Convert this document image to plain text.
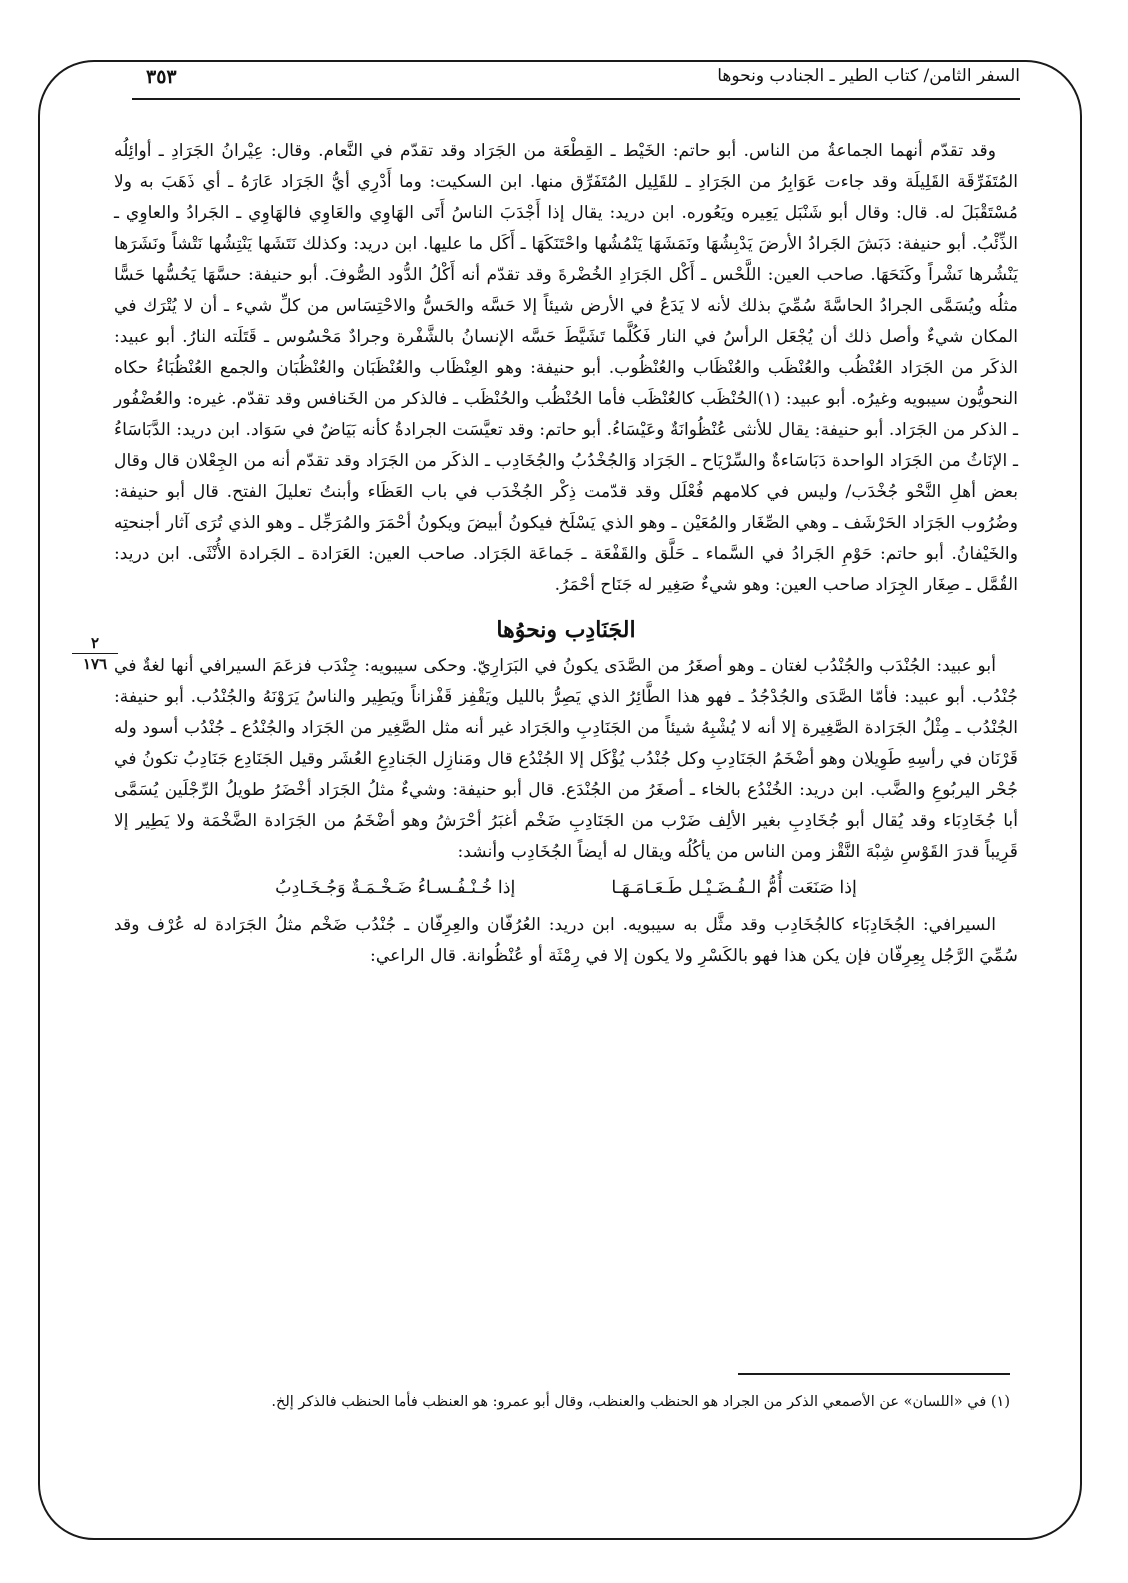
السفر الثامن/ كتاب الطير ـ الجنادب ونحوها
٣٥٣
٢
١٧٦

وقد تقدّم أنهما الجماعةُ من الناس. أبو حاتم: الخَيْط ـ القِطْعَة من الجَرَاد وقد تقدّم في النَّعام. وقال: عِيْرانُ الجَرَادِ ـ أوائِلُه المُتَفَرِّقَة القَلِيلَة وقد جاءت عَوَابِرُ من الجَرَادِ ـ للقَلِيل المُتَفَرِّق منها. ابن السكيت: وما أَدْرِي أيُّ الجَرَاد عَارَهُ ـ أي ذَهَبَ به ولا مُسْتَقْبَلَ له. قال: وقال أبو شَنْبَل يَعِيره ويَعُوره. ابن دريد: يقال إذا أَجْدَبَ الناسُ أَتَى الهَاوِي والعَاوِي فالهَاوِي ـ الجَرادُ والعاوِي ـ الذِّئْبُ. أبو حنيفة: دَبَشَ الجَرادُ الأرضَ يَدْبِشُهَا ونَمَشَهَا يَنْمُشُها واحْتَنَكَهَا ـ أَكَل ما عليها. ابن دريد: وكذلك نَتَشَها يَنْتِشُها نَتْشاً ونَشَرَها يَنْشُرها نَشْراً وكَنَحَهَا. صاحب العين: اللَّحْس ـ أَكْل الجَرَادِ الخُضْرةَ وقد تقدّم أنه أَكْلُ الدُّود الصُّوفَ. أبو حنيفة: حسَّهَا يَحُسُّها حَسًّا مثلُه ويُسَمَّى الجرادُ الحاسَّةَ سُمِّيَ بذلك لأنه لا يَدَعُ في الأرض شيئاً إلا حَسَّه والحَسُّ والاحْتِسَاس من كلِّ شيء ـ أن لا يُتْرَك في المكان شيءٌ وأصل ذلك أن يُجْعَل الرأسُ في النار فَكُلَّما تَشَيَّطَ حَسَّه الإنسانُ بالشَّفْرة وجرادٌ مَحْسُوس ـ قَتَلَته النارُ. أبو عبيد: الذكَر من الجَرَاد العُنْظُب والعُنْظَب والعُنْظَاب والعُنْظُوب. أبو حنيفة: وهو العِنْظَاب والعُنْظَبَان والعُنْظُبَان والجمع العُنْظُبَاءُ حكاه النحويُّون سيبويه وغيرُه. أبو عبيد: (١)الحُنْظَب كالعُنْظَب فأما الحُنْظُب والحُنْظَب ـ فالذكر من الخَنافس وقد تقدّم. غيره: والعُضْفُور ـ الذكر من الجَرَاد. أبو حنيفة: يقال للأنثى عُنْظُوانَةٌ وعَيْسَاءُ. أبو حاتم: وقد تعيَّسَت الجرادةُ كأنه بَيَاضٌ في سَوَاد. ابن دريد: الدَّبَاسَاءُ ـ الإنَاثُ من الجَرَاد الواحدة دَبَاسَاءةٌ والسِّرْيَاح ـ الجَرَاد وَالجُخْدُبُ والجُخَادِب ـ الذكَر من الجَرَاد وقد تقدّم أنه من الجِعْلان قال وقال بعض أهلِ النَّحْو جُخْدَب/ وليس في كلامهم فُعْلَل وقد قدّمت ذِكْر الجُخْدَب في باب العَظَاء وأبنتُ تعليلَ الفتح. قال أبو حنيفة: وضُرُوب الجَرَاد الحَرْشَف ـ وهي الصِّغَار والمُعَيْن ـ وهو الذي يَسْلَخ فيكونُ أبيضَ ويكونُ أحْمَرَ والمُرَجِّل ـ وهو الذي تُرَى آثار أجنحتِه والخَيْفانُ. أبو حاتم: حَوْمِ الجَرادُ في السَّماء ـ حَلَّق والقَفْعَة ـ جَماعَة الجَرَاد. صاحب العين: العَرَادة ـ الجَرادة الأُنْثَى. ابن دريد: القُمَّل ـ صِغَار الجِرَاد صاحب العين: وهو شيءٌ صَغِير له جَنَاح أحْمَرُ.

الجَنَادِب ونحوُها

أبو عبيد: الجُنْدَب والجُنْدُب لغتان ـ وهو أصغَرُ من الصَّدَى يكونُ في البَرَارِيّ. وحكى سيبويه: جِنْدَب فزعَمَ السيرافي أنها لغةٌ في جُنْدُب. أبو عبيد: فأمّا الصَّدَى والجُدْجُدُ ـ فهو هذا الطَّائِرُ الذي يَصِرُّ بالليل ويَقْفِز قَفْزاناً ويَطِير والناسُ يَرَوْنَهُ والجُنْدُب. أبو حنيفة: الجُنْدُب ـ مِثْلُ الجَرَادة الصَّغِيرة إلا أنه لا يُشْبِهُ شيئاً من الجَنَادِبِ والجَرَاد غير أنه مثل الصَّغِير من الجَرَاد والجُنْدُع ـ جُنْدُب أسود وله قَرْنَان في رأسِهِ طَوِيلان وهو أضْخَمُ الجَنَادِبِ وكل جُنْدُب يُؤْكَل إلا الجُنْدُع قال ومَنازِل الجَنادِعِ العُشَر وقيل الجَنَادِع جَنَادِبُ تكونُ في جُحْر اليربُوعِ والضَّب. ابن دريد: الخُنْدُع بالخاء ـ أصغَرُ من الجُنْدَع. قال أبو حنيفة: وشيءٌ مثلُ الجَرَاد أخْضَرُ طويلُ الرِّجْلَين يُسَمَّى أبا جُخَادِبَاء وقد يُقال أبو جُخَادِبِ بغير الألِف ضَرْب من الجَنَادِبِ ضَخْم أغبَرُ أحْرَشُ وهو أضْخَمُ من الجَرَادة الضَّخْمَة ولا يَطِير إلا قَرِيباً قدرَ القَوْسِ شِبْهَ النَّقْز ومن الناس من يأكُلُه ويقال له أيضاً الجُخَادِب وأنشد:

إذا صَنَعَت أُمُّ الـفُـضَـيْـل طَـعَـامَـهَـا
إذا خُـنْـفُـسـاءُ ضَـخْـمَـةٌ وَجُـخَـادِبُ

السيرافي: الجُخَادِبَاء كالجُخَادِب وقد مثَّل به سيبويه. ابن دريد: العُرُفّان والعِرِفّان ـ جُنْدُب ضَخْم مثلُ الجَرَادة له عُرْف وقد سُمِّيَ الرَّجُل بِعِرِفّان فإن يكن هذا فهو بالكَسْرِ ولا يكون إلا في رِمْثَة أو عُنْظُوانة. قال الراعي:

(١) في «اللسان» عن الأصمعي الذكر من الجراد هو الحنظب والعنظب، وقال أبو عمرو: هو العنظب فأما الحنظب فالذكر إلخ.
